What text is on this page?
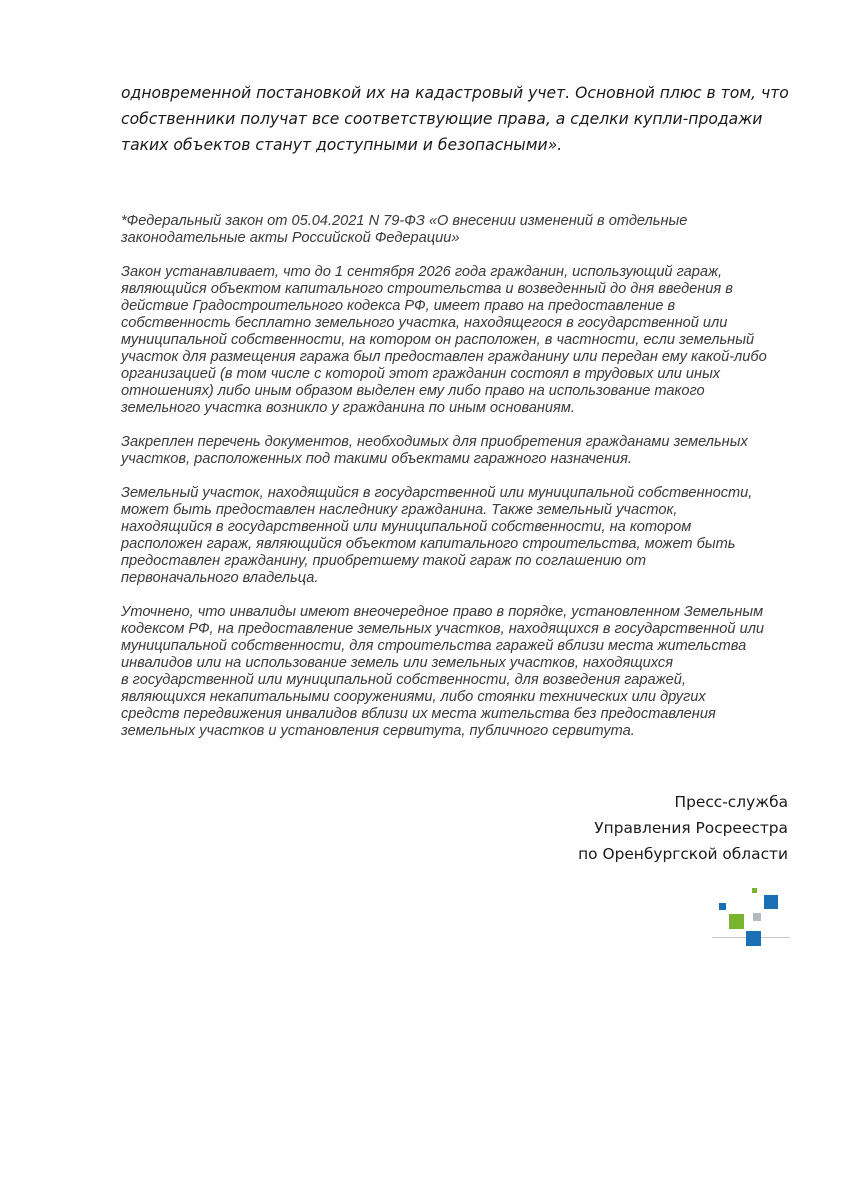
одновременной постановкой их на кадастровый учет. Основной плюс в том, что
собственники получат все соответствующие права, а сделки купли-продажи
таких объектов станут доступными и безопасными».

*Федеральный закон от 05.04.2021 N 79-ФЗ «О внесении изменений в отдельные
законодательные акты Российской Федерации»

Закон устанавливает, что до 1 сентября 2026 года гражданин, использующий гараж,
являющийся объектом капитального строительства и возведенный до дня введения в
действие Градостроительного кодекса РФ, имеет право на предоставление в
собственность бесплатно земельного участка, находящегося в государственной или
муниципальной собственности, на котором он расположен, в частности, если земельный
участок для размещения гаража был предоставлен гражданину или передан ему какой-либо
организацией (в том числе с которой этот гражданин состоял в трудовых или иных
отношениях) либо иным образом выделен ему либо право на использование такого
земельного участка возникло у гражданина по иным основаниям.

Закреплен перечень документов, необходимых для приобретения гражданами земельных
участков, расположенных под такими объектами гаражного назначения.

Земельный участок, находящийся в государственной или муниципальной собственности,
может быть предоставлен наследнику гражданина. Также земельный участок,
находящийся в государственной или муниципальной собственности, на котором
расположен гараж, являющийся объектом капитального строительства, может быть
предоставлен гражданину, приобретшему такой гараж по соглашению от
первоначального владельца.

Уточнено, что инвалиды имеют внеочередное право в порядке, установленном Земельным
кодексом РФ, на предоставление земельных участков, находящихся в государственной или
муниципальной собственности, для строительства гаражей вблизи места жительства
инвалидов или на использование земель или земельных участков, находящихся
в государственной или муниципальной собственности, для возведения гаражей,
являющихся некапитальными сооружениями, либо стоянки технических или других
средств передвижения инвалидов вблизи их места жительства без предоставления
земельных участков и установления сервитута, публичного сервитута.

Пресс-служба
Управления Росреестра
по Оренбургской области
